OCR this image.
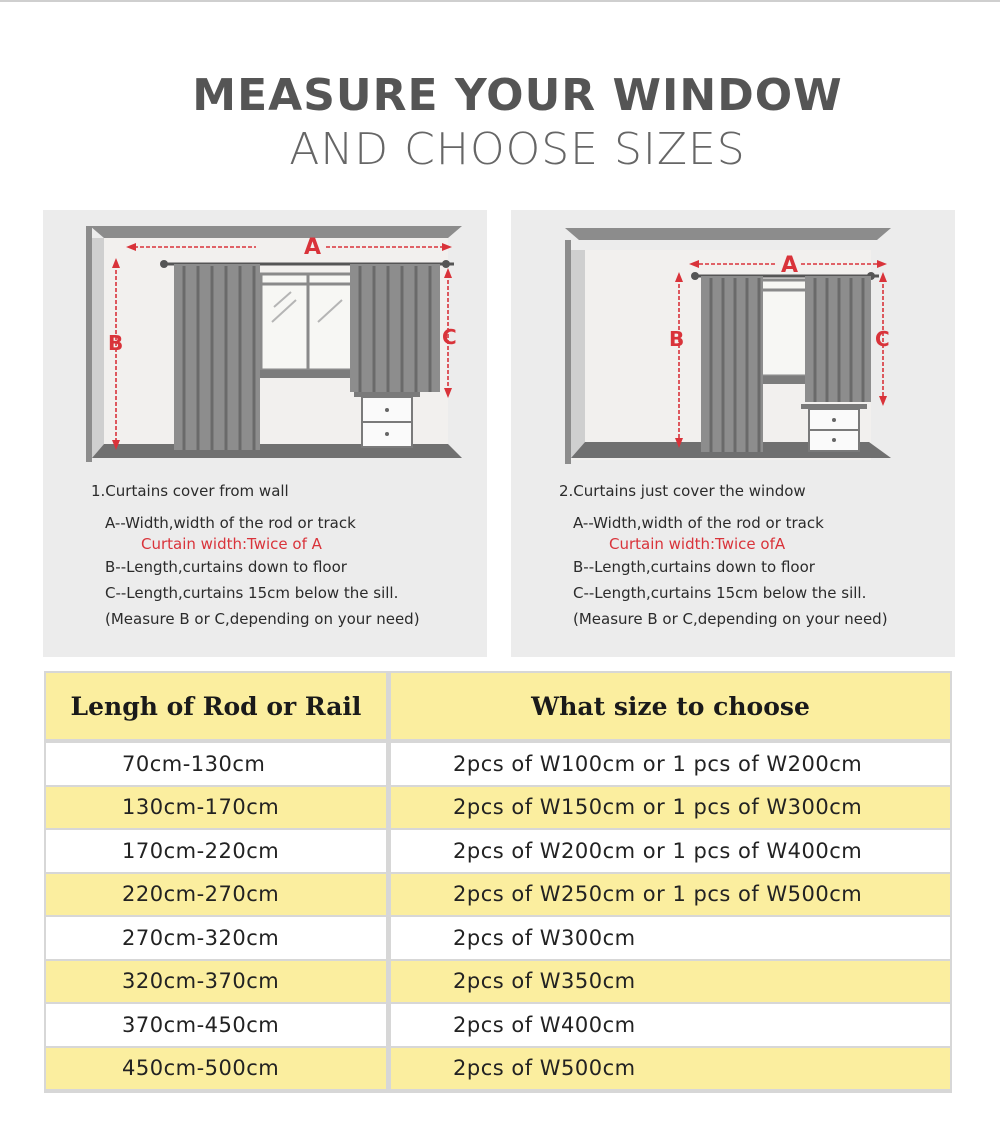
MEASURE YOUR WINDOW
AND CHOOSE SIZES
A
B	C
1.Curtains cover from wall
A--Width,width of the rod or track
Curtain width:Twice of A
B--Length,curtains down to floor
C--Length,curtains 15cm below the sill.
(Measure B or C,depending on your need)
A
B	C
2.Curtains just cover the window
A--Width,width of the rod or track
Curtain width:Twice ofA
B--Length,curtains down to floor
C--Length,curtains 15cm below the sill.
(Measure B or C,depending on your need)
Lengh of Rod or Rail	What size to choose
70cm-130cm	2pcs of W100cm or 1 pcs of W200cm
130cm-170cm	2pcs of W150cm or 1 pcs of W300cm
170cm-220cm	2pcs of W200cm or 1 pcs of W400cm
220cm-270cm	2pcs of W250cm or 1 pcs of W500cm
270cm-320cm	2pcs of W300cm
320cm-370cm	2pcs of W350cm
370cm-450cm	2pcs of W400cm
450cm-500cm	2pcs of W500cm
